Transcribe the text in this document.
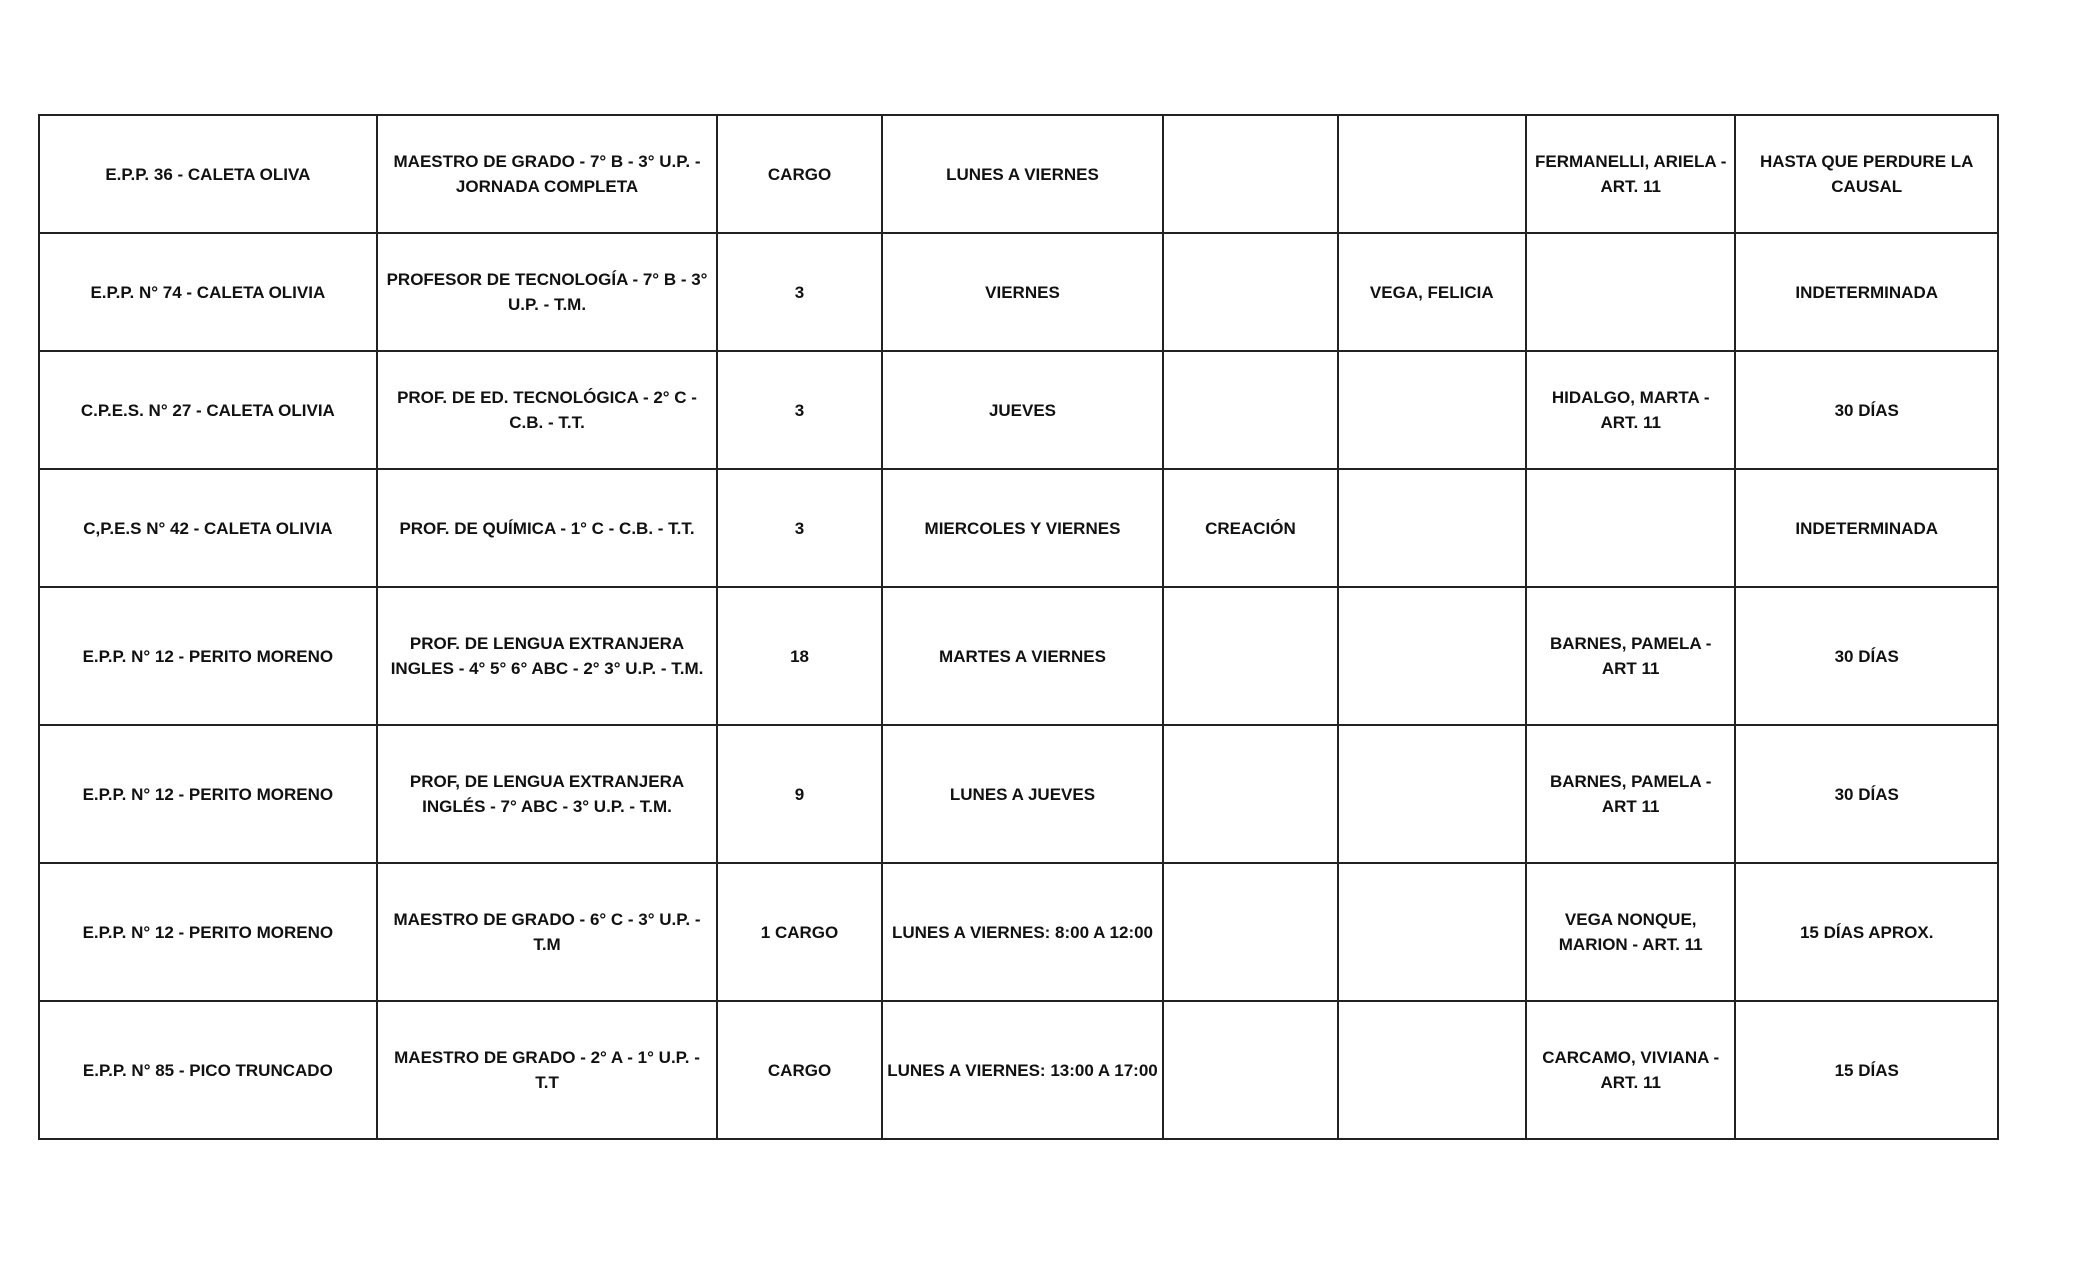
E.P.P. 36 - CALETA OLIVA	MAESTRO DE GRADO - 7° B - 3° U.P. - JORNADA COMPLETA	CARGO	LUNES A VIERNES			FERMANELLI, ARIELA - ART. 11	HASTA QUE PERDURE LA CAUSAL
E.P.P. N° 74 - CALETA OLIVIA	PROFESOR DE TECNOLOGÍA - 7° B - 3° U.P. - T.M.	3	VIERNES		VEGA, FELICIA		INDETERMINADA
C.P.E.S. N° 27 - CALETA OLIVIA	PROF. DE ED. TECNOLÓGICA - 2° C - C.B. - T.T.	3	JUEVES			HIDALGO, MARTA - ART. 11	30 DÍAS
C,P.E.S N° 42 - CALETA OLIVIA	PROF. DE QUÍMICA - 1° C - C.B. - T.T.	3	MIERCOLES Y VIERNES	CREACIÓN			INDETERMINADA
E.P.P. N° 12 - PERITO MORENO	PROF. DE LENGUA EXTRANJERA INGLES - 4° 5° 6° ABC - 2° 3° U.P. - T.M.	18	MARTES A VIERNES			BARNES, PAMELA - ART 11	30 DÍAS
E.P.P. N° 12 - PERITO MORENO	PROF, DE LENGUA EXTRANJERA INGLÉS - 7° ABC - 3° U.P. - T.M.	9	LUNES A JUEVES			BARNES, PAMELA - ART 11	30 DÍAS
E.P.P. N° 12 - PERITO MORENO	MAESTRO DE GRADO - 6° C - 3° U.P. - T.M	1 CARGO	LUNES A VIERNES: 8:00 A 12:00			VEGA NONQUE, MARION - ART. 11	15 DÍAS APROX.
E.P.P. N° 85 - PICO TRUNCADO	MAESTRO DE GRADO - 2° A - 1° U.P. - T.T	CARGO	LUNES A VIERNES: 13:00 A 17:00			CARCAMO, VIVIANA - ART. 11	15 DÍAS
